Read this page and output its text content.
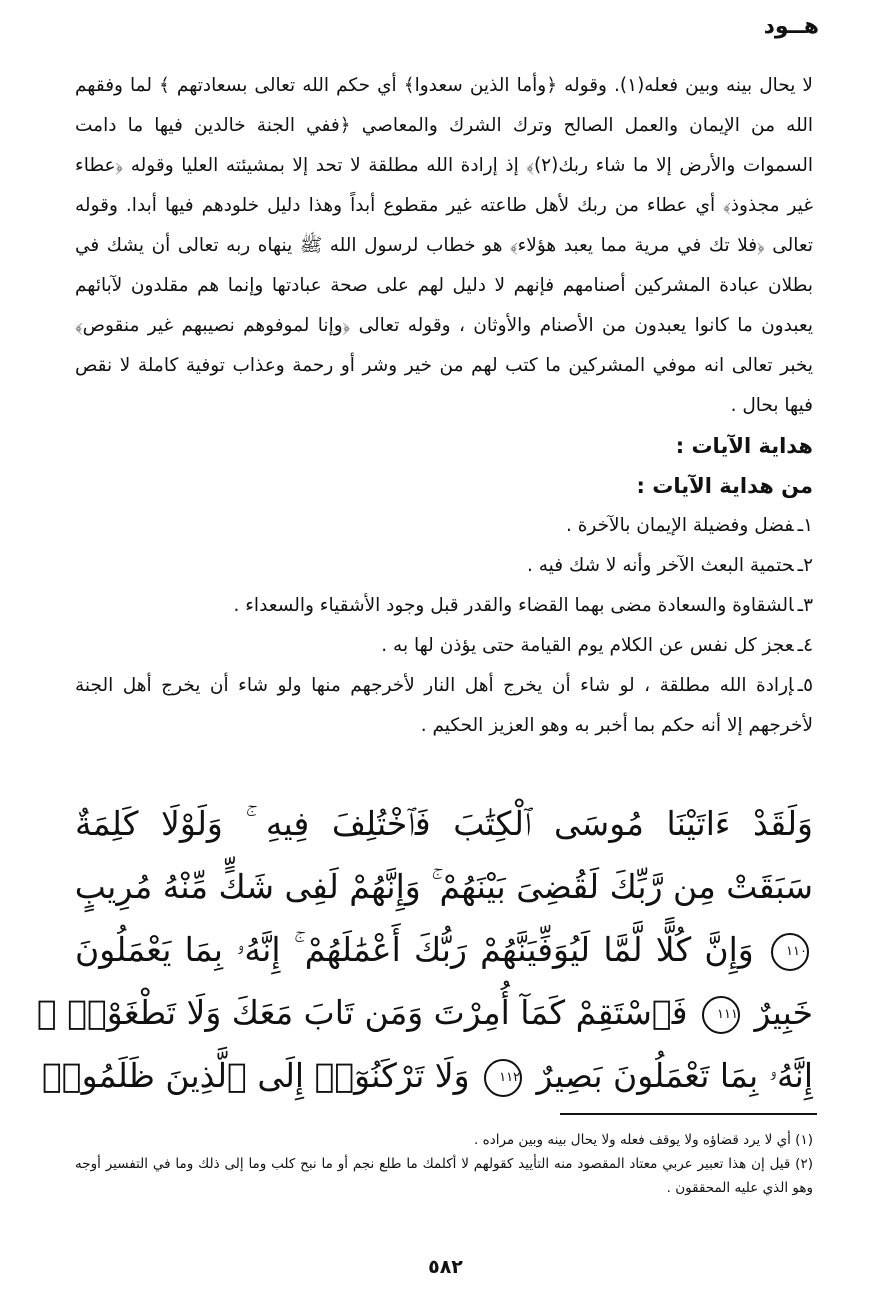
هــود

لا يحال بينه وبين فعله(١). وقوله ﴿وأما الذين سعدوا﴾ أي حكم الله تعالى بسعادتهم ﴾ لما وفقهم الله من الإيمان والعمل الصالح وترك الشرك والمعاصي ﴿ففي الجنة خالدين فيها ما دامت السموات والأرض إلا ما شاء ربك(٢)﴾ إذ إرادة الله مطلقة لا تحد إلا بمشيئته العليا وقوله ﴿عطاء غير مجذوذ﴾ أي عطاء من ربك لأهل طاعته غير مقطوع أبداً وهذا دليل خلودهم فيها أبدا. وقوله تعالى ﴿فلا تك في مرية مما يعبد هؤلاء﴾ هو خطاب لرسول الله ﷺ ينهاه ربه تعالى أن يشك في بطلان عبادة المشركين أصنامهم فإنهم لا دليل لهم على صحة عبادتها وإنما هم مقلدون لآبائهم يعبدون ما كانوا يعبدون من الأصنام والأوثان ، وقوله تعالى ﴿وإنا لموفوهم نصيبهم غير منقوص﴾ يخبر تعالى انه موفي المشركين ما كتب لهم من خير وشر أو رحمة وعذاب توفية كاملة لا نقص فيها بحال .

هداية الآيات :

من هداية الآيات :

١ـفضل وفضيلة الإيمان بالآخرة .
٢ـحتمية البعث الآخر وأنه لا شك فيه .
٣ـالشقاوة والسعادة مضى بهما القضاء والقدر قبل وجود الأشقياء والسعداء .
٤ـعجز كل نفس عن الكلام يوم القيامة حتى يؤذن لها به .
٥ـإرادة الله مطلقة ، لو شاء أن يخرج أهل النار لأخرجهم منها ولو شاء أن يخرج أهل الجنة لأخرجهم إلا أنه حكم بما أخبر به وهو العزيز الحكيم .
وَلَقَدْ ءَاتَيْنَا مُوسَى ٱلْكِتَٰبَ فَٱخْتُلِفَ فِيهِ ۚ وَلَوْلَا كَلِمَةٌ
سَبَقَتْ مِن رَّبِّكَ لَقُضِىَ بَيْنَهُمْ ۚ وَإِنَّهُمْ لَفِى شَكٍّ مِّنْهُ مُرِيبٍ
١١٠ وَإِنَّ كُلًّا لَّمَّا لَيُوَفِّيَنَّهُمْ رَبُّكَ أَعْمَٰلَهُمْ ۚ إِنَّهُۥ بِمَا يَعْمَلُونَ
خَبِيرٌ ١١١ فَٱسْتَقِمْ كَمَآ أُمِرْتَ وَمَن تَابَ مَعَكَ وَلَا تَطْغَوْا۟ ۚ
إِنَّهُۥ بِمَا تَعْمَلُونَ بَصِيرٌ ١١٢ وَلَا تَرْكَنُوٓا۟ إِلَى ٱلَّذِينَ ظَلَمُوا۟

(١) أي لا يرد قضاؤه ولا يوقف فعله ولا يحال بينه وبين مراده .

(٢) قيل إن هذا تعبير عربي معتاد المقصود منه التأييد كقولهم لا أكلمك ما طلع نجم أو ما نبح كلب وما إلى ذلك وما في التفسير أوجه وهو الذي عليه المحققون .

٥٨٢
